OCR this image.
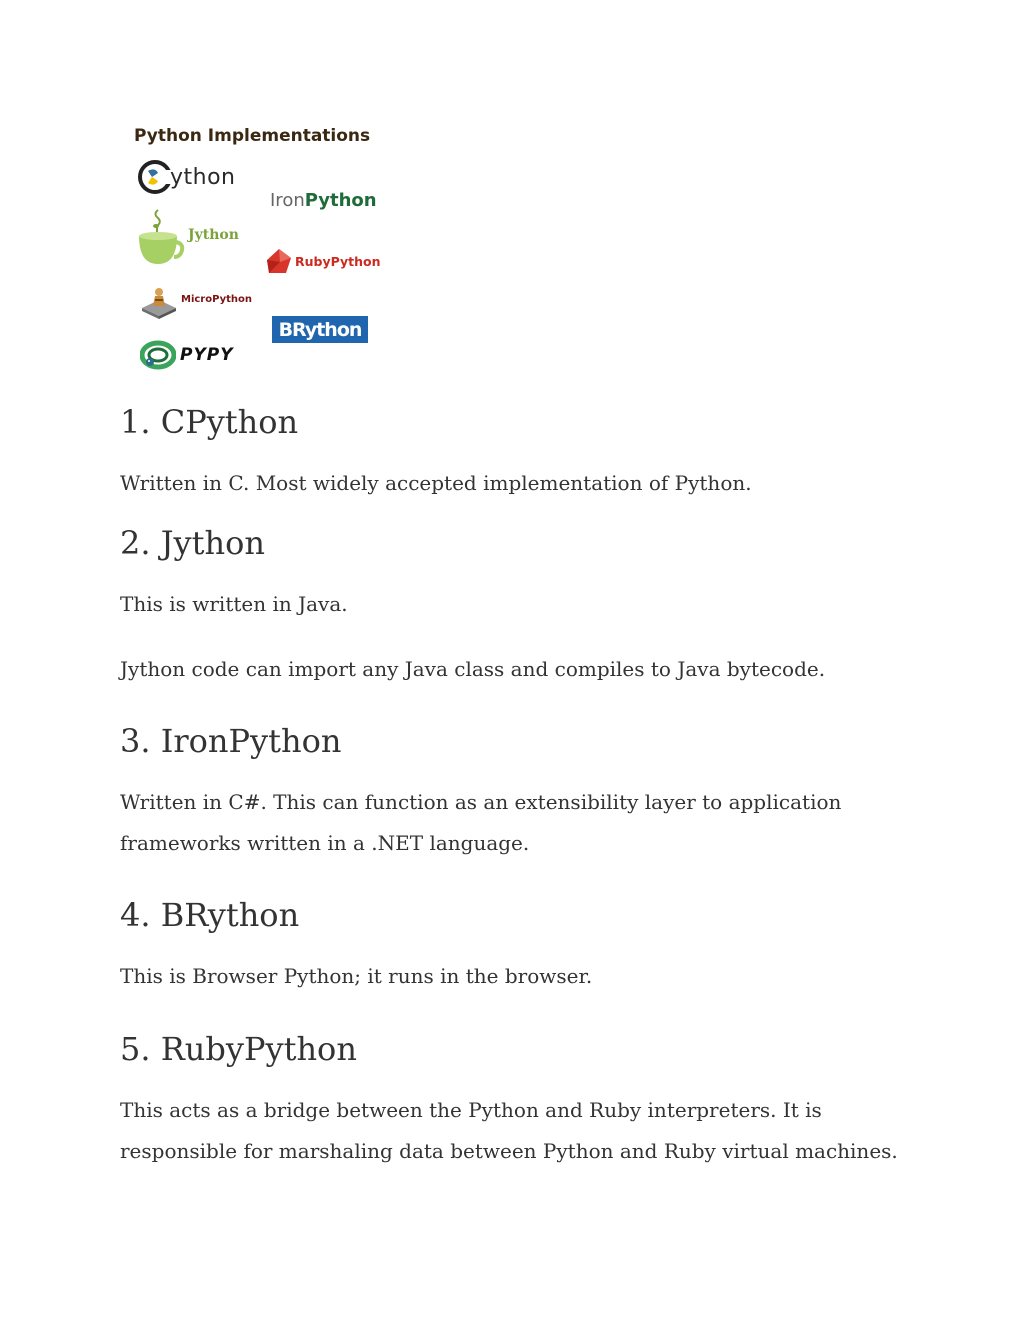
Python Implementations
ython
Iron Python
Jython
RubyPython
MicroPython
BRython
PYPY
1. CPython

Written in C. Most widely accepted implementation of Python.

2. Jython

This is written in Java.

Jython code can import any Java class and compiles to Java bytecode.

3. IronPython

Written in C#. This can function as an extensibility layer to application

frameworks written in a .NET language.

4. BRython

This is Browser Python; it runs in the browser.

5. RubyPython

This acts as a bridge between the Python and Ruby interpreters. It is

responsible for marshaling data between Python and Ruby virtual machines.
